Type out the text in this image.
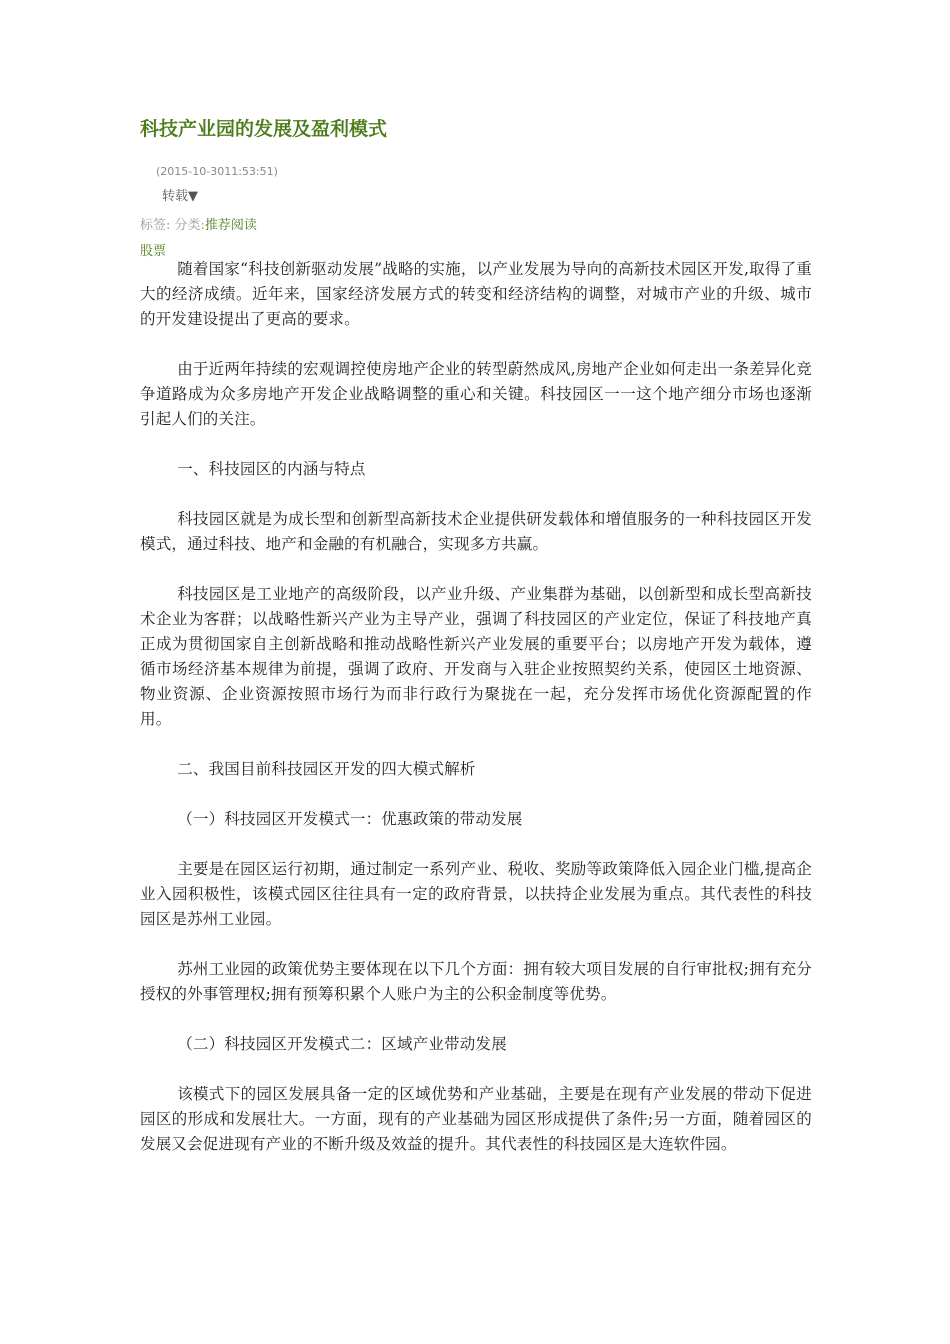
科技产业园的发展及盈利模式
(2015-10-3011:53:51)
转载▼
标签: 分类:推荐阅读
股票

随着国家“科技创新驱动发展”战略的实施，以产业发展为导向的高新技术园区开发,取得了重大的经济成绩。近年来，国家经济发展方式的转变和经济结构的调整，对城市产业的升级、城市的开发建设提出了更高的要求。

由于近两年持续的宏观调控使房地产企业的转型蔚然成风,房地产企业如何走出一条差异化竞争道路成为众多房地产开发企业战略调整的重心和关键。科技园区一一这个地产细分市场也逐渐引起人们的关注。

一、科技园区的内涵与特点

科技园区就是为成长型和创新型高新技术企业提供研发载体和增值服务的一种科技园区开发模式，通过科技、地产和金融的有机融合，实现多方共赢。

科技园区是工业地产的高级阶段，以产业升级、产业集群为基础，以创新型和成长型高新技术企业为客群；以战略性新兴产业为主导产业，强调了科技园区的产业定位，保证了科技地产真正成为贯彻国家自主创新战略和推动战略性新兴产业发展的重要平台；以房地产开发为载体，遵循市场经济基本规律为前提，强调了政府、开发商与入驻企业按照契约关系，使园区土地资源、物业资源、企业资源按照市场行为而非行政行为聚拢在一起，充分发挥市场优化资源配置的作用。

二、我国目前科技园区开发的四大模式解析

（一）科技园区开发模式一：优惠政策的带动发展

主要是在园区运行初期，通过制定一系列产业、税收、奖励等政策降低入园企业门槛,提高企业入园积极性，该模式园区往往具有一定的政府背景，以扶持企业发展为重点。其代表性的科技园区是苏州工业园。

苏州工业园的政策优势主要体现在以下几个方面：拥有较大项目发展的自行审批权;拥有充分授权的外事管理权;拥有预筹积累个人账户为主的公积金制度等优势。

（二）科技园区开发模式二：区域产业带动发展

该模式下的园区发展具备一定的区域优势和产业基础，主要是在现有产业发展的带动下促进园区的形成和发展壮大。一方面，现有的产业基础为园区形成提供了条件;另一方面，随着园区的发展又会促进现有产业的不断升级及效益的提升。其代表性的科技园区是大连软件园。
